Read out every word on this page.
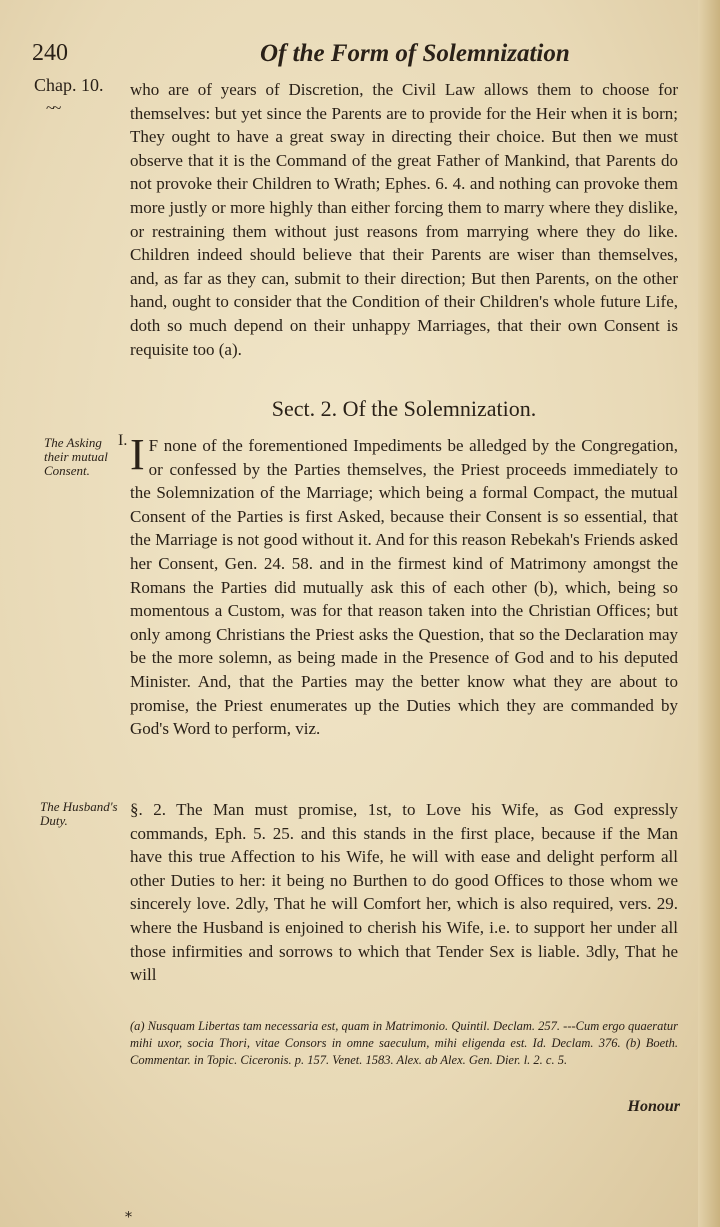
240	Of the Form of Solemnization
Chap. 10.
~~

who are of years of Discretion, the Civil Law allows them to choose for themselves: but yet since the Parents are to provide for the Heir when it is born; They ought to have a great sway in directing their choice. But then we must observe that it is the Command of the great Father of Mankind, that Parents do not provoke their Children to Wrath; Ephes. 6. 4. and nothing can provoke them more justly or more highly than either forcing them to marry where they dislike, or restraining them without just reasons from marrying where they do like. Children indeed should believe that their Parents are wiser than themselves, and, as far as they can, submit to their direction; But then Parents, on the other hand, ought to consider that the Condition of their Children's whole future Life, doth so much depend on their unhappy Marriages, that their own Consent is requisite too (a).

Sect. 2. Of the Solemnization.
The Asking their mutual Consent.
I. I F none of the forementioned Impediments be alledged by the Congregation, or confessed by the Parties themselves, the Priest proceeds immediately to the Solemnization of the Marriage; which being a formal Compact, the mutual Consent of the Parties is first Asked, because their Consent is so essential, that the Marriage is not good without it. And for this reason Rebekah's Friends asked her Consent, Gen. 24. 58. and in the firmest kind of Matrimony amongst the Romans the Parties did mutually ask this of each other (b), which, being so momentous a Custom, was for that reason taken into the Christian Offices; but only among Christians the Priest asks the Question, that so the Declaration may be the more solemn, as being made in the Presence of God and to his deputed Minister. And, that the Parties may the better know what they are about to promise, the Priest enumerates up the Duties which they are commanded by God's Word to perform, viz.
The Husband's Duty.

§. 2. The Man must promise, 1st, to Love his Wife, as God expressly commands, Eph. 5. 25. and this stands in the first place, because if the Man have this true Affection to his Wife, he will with ease and delight perform all other Duties to her: it being no Burthen to do good Offices to those whom we sincerely love. 2dly, That he will Comfort her, which is also required, vers. 29. where the Husband is enjoined to cherish his Wife, i.e. to support her under all those infirmities and sorrows to which that Tender Sex is liable. 3dly, That he will

(a) Nusquam Libertas tam necessaria est, quam in Matrimonio. Quintil. Declam. 257. ---Cum ergo quaeratur mihi uxor, socia Thori, vitae Consors in omne saeculum, mihi eligenda est. Id. Declam. 376. (b) Boeth. Commentar. in Topic. Ciceronis. p. 157. Venet. 1583. Alex. ab Alex. Gen. Dier. l. 2. c. 5.
Honour
⁎
